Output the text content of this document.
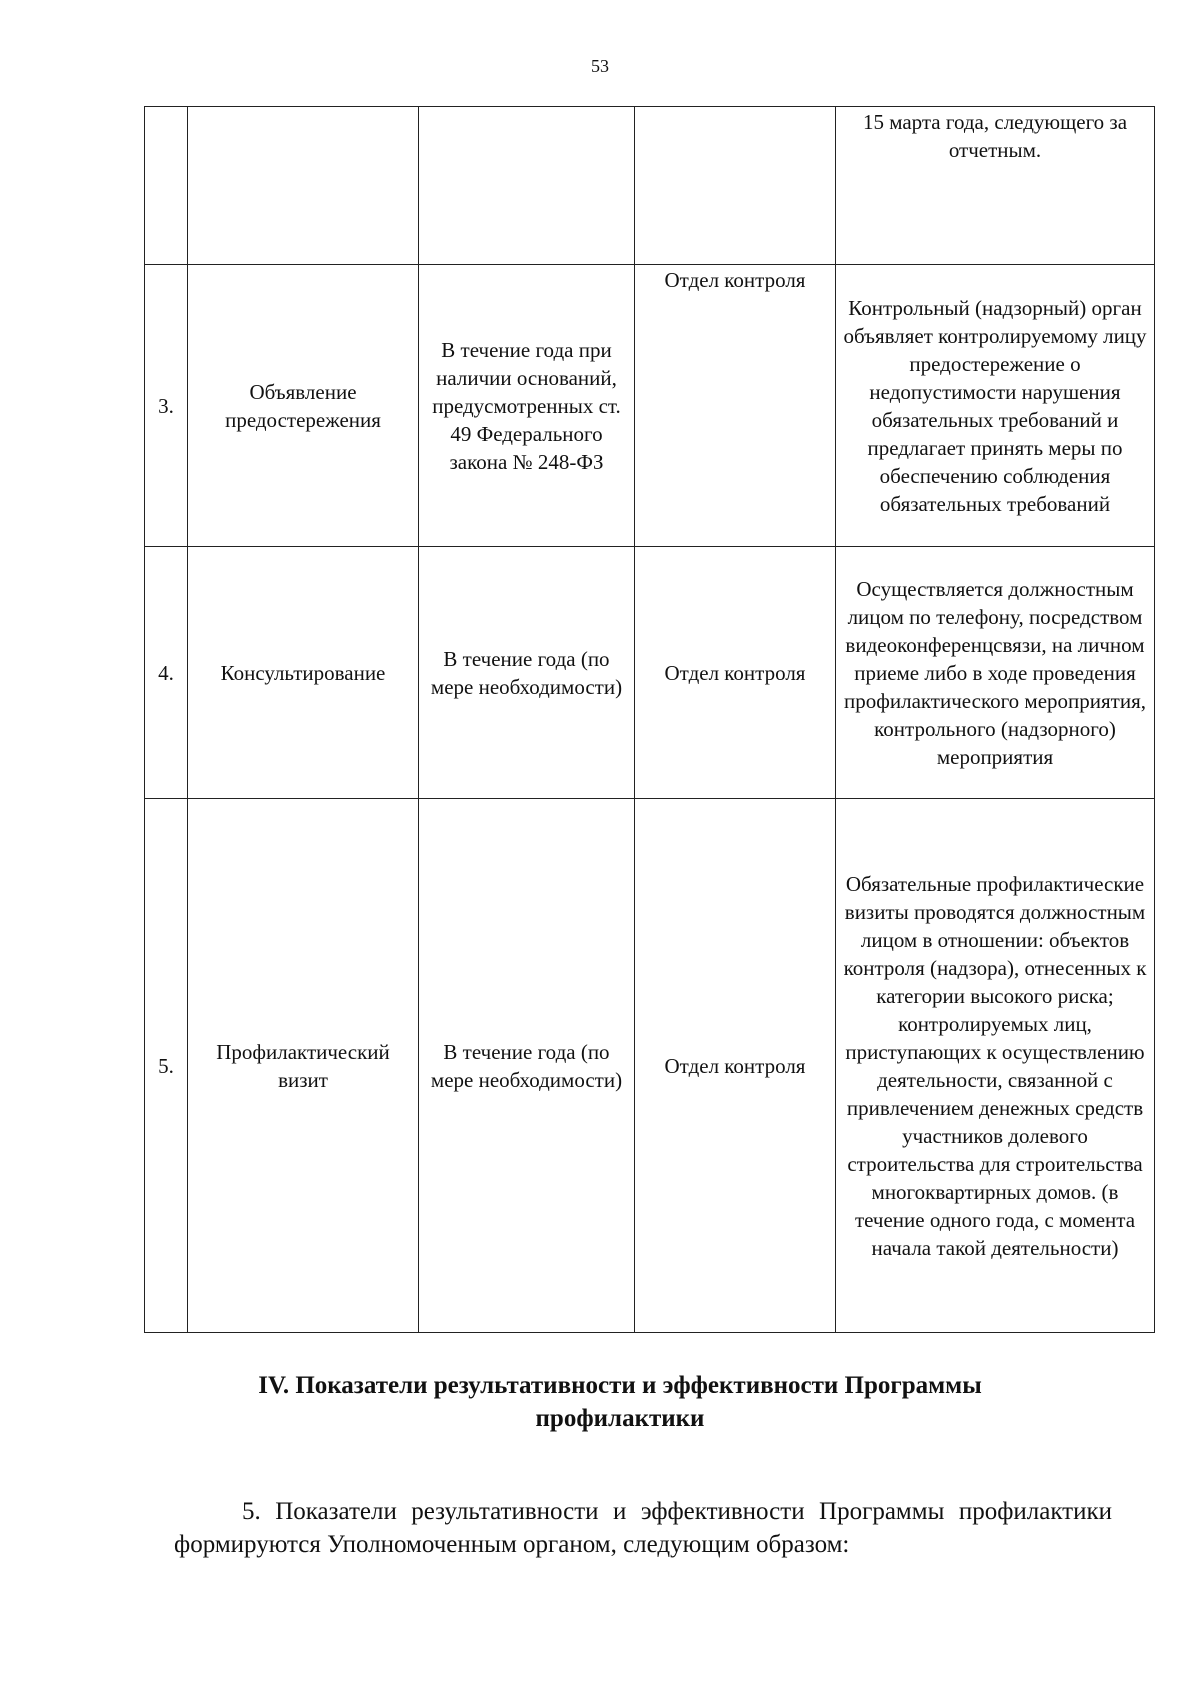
53
				15 марта года, следующего за отчетным.
3.	Объявление предостережения	В течение года при наличии оснований, предусмотренных ст. 49 Федерального закона № 248-ФЗ	Отдел контроля	Контрольный (надзорный) орган объявляет контролируемому лицу предостережение о недопустимости нарушения обязательных требований и предлагает принять меры по обеспечению соблюдения обязательных требований
4.	Консультирование	В течение года (по мере необходимости)	Отдел контроля	Осуществляется должностным лицом по телефону, посредством видеоконференцсвязи, на личном приеме либо в ходе проведения профилактического мероприятия, контрольного (надзорного) мероприятия
5.	Профилактический визит	В течение года (по мере необходимости)	Отдел контроля	Обязательные профилактические визиты проводятся должностным лицом в отношении: объектов контроля (надзора), отнесенных к категории высокого риска; контролируемых лиц, приступающих к осуществлению деятельности, связанной с привлечением денежных средств участников долевого строительства для строительства многоквартирных домов. (в течение одного года, с момента начала такой деятельности)
IV. Показатели результативности и эффективности Программы профилактики

5. Показатели результативности и эффективности Программы профилактики формируются Уполномоченным органом, следующим образом:
